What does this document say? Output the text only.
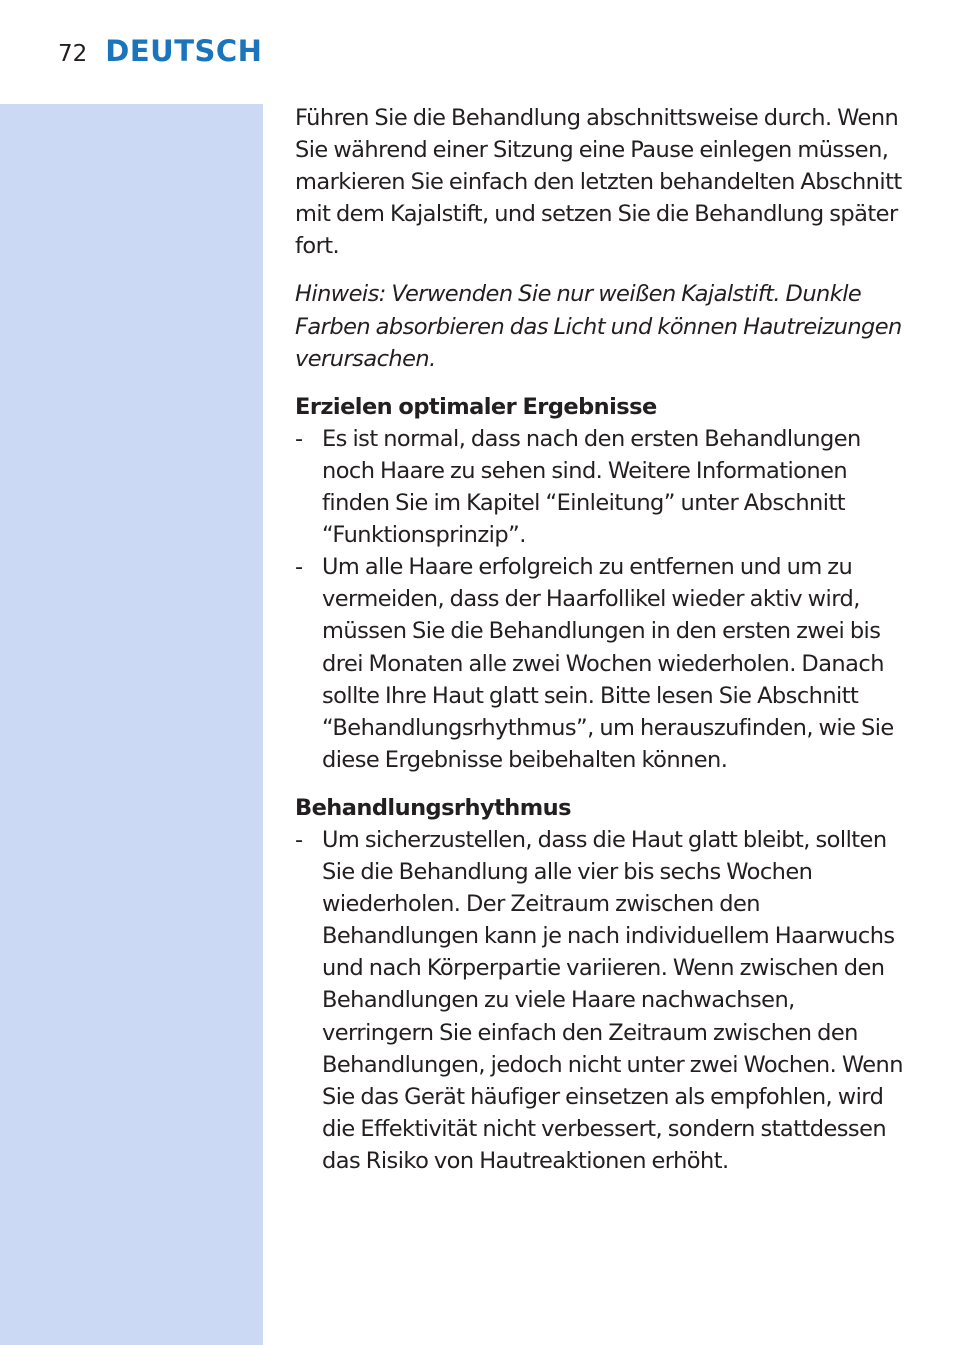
72 DEUTSCH

Führen Sie die Behandlung abschnittsweise durch. Wenn Sie während einer Sitzung eine Pause einlegen müssen, markieren Sie einfach den letzten behandelten Abschnitt mit dem Kajalstift, und setzen Sie die Behandlung später fort.

Hinweis: Verwenden Sie nur weißen Kajalstift. Dunkle Farben absorbieren das Licht und können Hautreizungen verursachen.

Erzielen optimaler Ergebnisse

- Es ist normal, dass nach den ersten Behandlungen noch Haare zu sehen sind. Weitere Informationen finden Sie im Kapitel “Einleitung” unter Abschnitt “Funktionsprinzip”.
- Um alle Haare erfolgreich zu entfernen und um zu vermeiden, dass der Haarfollikel wieder aktiv wird, müssen Sie die Behandlungen in den ersten zwei bis drei Monaten alle zwei Wochen wiederholen. Danach sollte Ihre Haut glatt sein. Bitte lesen Sie Abschnitt “Behandlungsrhythmus”, um herauszufinden, wie Sie diese Ergebnisse beibehalten können.

Behandlungsrhythmus

- Um sicherzustellen, dass die Haut glatt bleibt, sollten Sie die Behandlung alle vier bis sechs Wochen wiederholen. Der Zeitraum zwischen den Behandlungen kann je nach individuellem Haarwuchs und nach Körperpartie variieren. Wenn zwischen den Behandlungen zu viele Haare nachwachsen, verringern Sie einfach den Zeitraum zwischen den Behandlungen, jedoch nicht unter zwei Wochen. Wenn Sie das Gerät häufiger einsetzen als empfohlen, wird die Effektivität nicht verbessert, sondern stattdessen das Risiko von Hautreaktionen erhöht.
